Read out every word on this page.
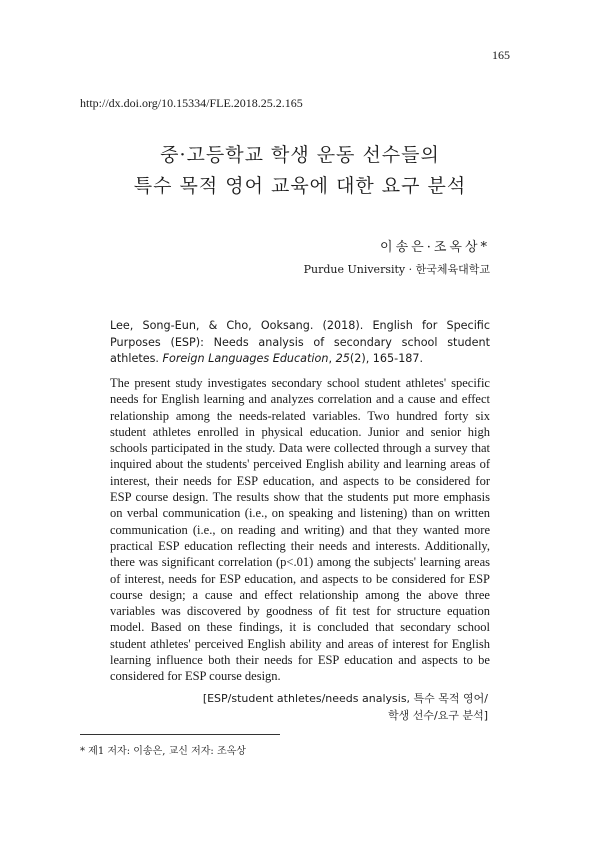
165
http://dx.doi.org/10.15334/FLE.2018.25.2.165
중·고등학교 학생 운동 선수들의
특수 목적 영어 교육에 대한 요구 분석
이송은·조옥상*
Purdue University · 한국체육대학교
Lee, Song-Eun, & Cho, Ooksang. (2018). English for Specific Purposes (ESP): Needs analysis of secondary school student athletes. Foreign Languages Education, 25(2), 165-187.
The present study investigates secondary school student athletes' specific needs for English learning and analyzes correlation and a cause and effect relationship among the needs-related variables. Two hundred forty six student athletes enrolled in physical education. Junior and senior high schools participated in the study. Data were collected through a survey that inquired about the students' perceived English ability and learning areas of interest, their needs for ESP education, and aspects to be considered for ESP course design. The results show that the students put more emphasis on verbal communication (i.e., on speaking and listening) than on written communication (i.e., on reading and writing) and that they wanted more practical ESP education reflecting their needs and interests. Additionally, there was significant correlation (p<.01) among the subjects' learning areas of interest, needs for ESP education, and aspects to be considered for ESP course design; a cause and effect relationship among the above three variables was discovered by goodness of fit test for structure equation model. Based on these findings, it is concluded that secondary school student athletes' perceived English ability and areas of interest for English learning influence both their needs for ESP education and aspects to be considered for ESP course design.
[ESP/student athletes/needs analysis, 특수 목적 영어/
학생 선수/요구 분석]
* 제1 저자: 이송은, 교신 저자: 조옥상
